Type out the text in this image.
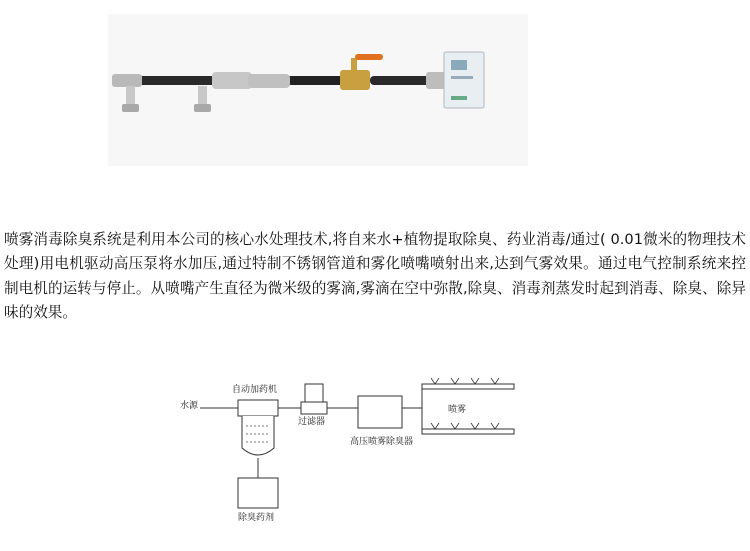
喷雾消毒除臭系统是利用本公司的核心水处理技术,将自来水+植物提取除臭、药业消毒/通过( 0.01微米的物理技术处理)用电机驱动高压泵将水加压,通过特制不锈钢管道和雾化喷嘴喷射出来,达到气雾效果。通过电气控制系统来控制电机的运转与停止。从喷嘴产生直径为微米级的雾滴,雾滴在空中弥散,除臭、消毒剂蒸发时起到消毒、除臭、除异味的效果。

水源
自动加药机
除臭药剂
过滤器
高压喷雾除臭器
喷雾
